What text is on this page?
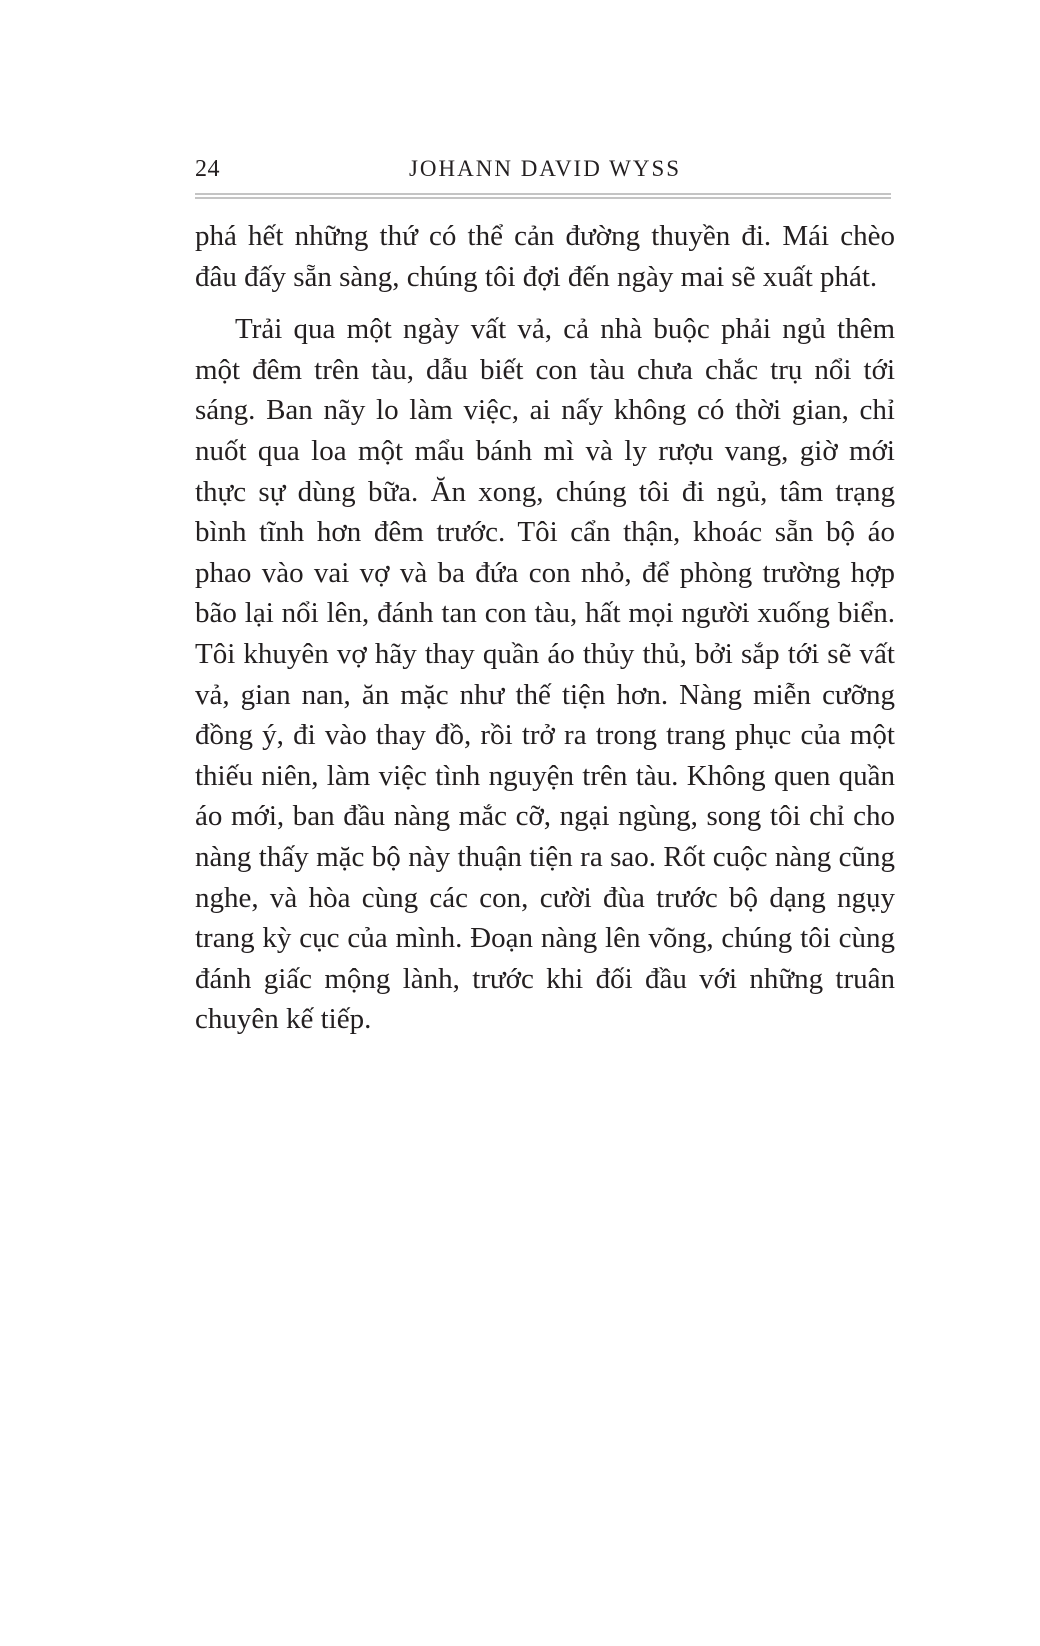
24	JOHANN DAVID WYSS

phá hết những thứ có thể cản đường thuyền đi. Mái chèo đâu đấy sẵn sàng, chúng tôi đợi đến ngày mai sẽ xuất phát.

Trải qua một ngày vất vả, cả nhà buộc phải ngủ thêm một đêm trên tàu, dẫu biết con tàu chưa chắc trụ nổi tới sáng. Ban nãy lo làm việc, ai nấy không có thời gian, chỉ nuốt qua loa một mẩu bánh mì và ly rượu vang, giờ mới thực sự dùng bữa. Ăn xong, chúng tôi đi ngủ, tâm trạng bình tĩnh hơn đêm trước. Tôi cẩn thận, khoác sẵn bộ áo phao vào vai vợ và ba đứa con nhỏ, để phòng trường hợp bão lại nổi lên, đánh tan con tàu, hất mọi người xuống biển. Tôi khuyên vợ hãy thay quần áo thủy thủ, bởi sắp tới sẽ vất vả, gian nan, ăn mặc như thế tiện hơn. Nàng miễn cưỡng đồng ý, đi vào thay đồ, rồi trở ra trong trang phục của một thiếu niên, làm việc tình nguyện trên tàu. Không quen quần áo mới, ban đầu nàng mắc cỡ, ngại ngùng, song tôi chỉ cho nàng thấy mặc bộ này thuận tiện ra sao. Rốt cuộc nàng cũng nghe, và hòa cùng các con, cười đùa trước bộ dạng ngụy trang kỳ cục của mình. Đoạn nàng lên võng, chúng tôi cùng đánh giấc mộng lành, trước khi đối đầu với những truân chuyên kế tiếp.
